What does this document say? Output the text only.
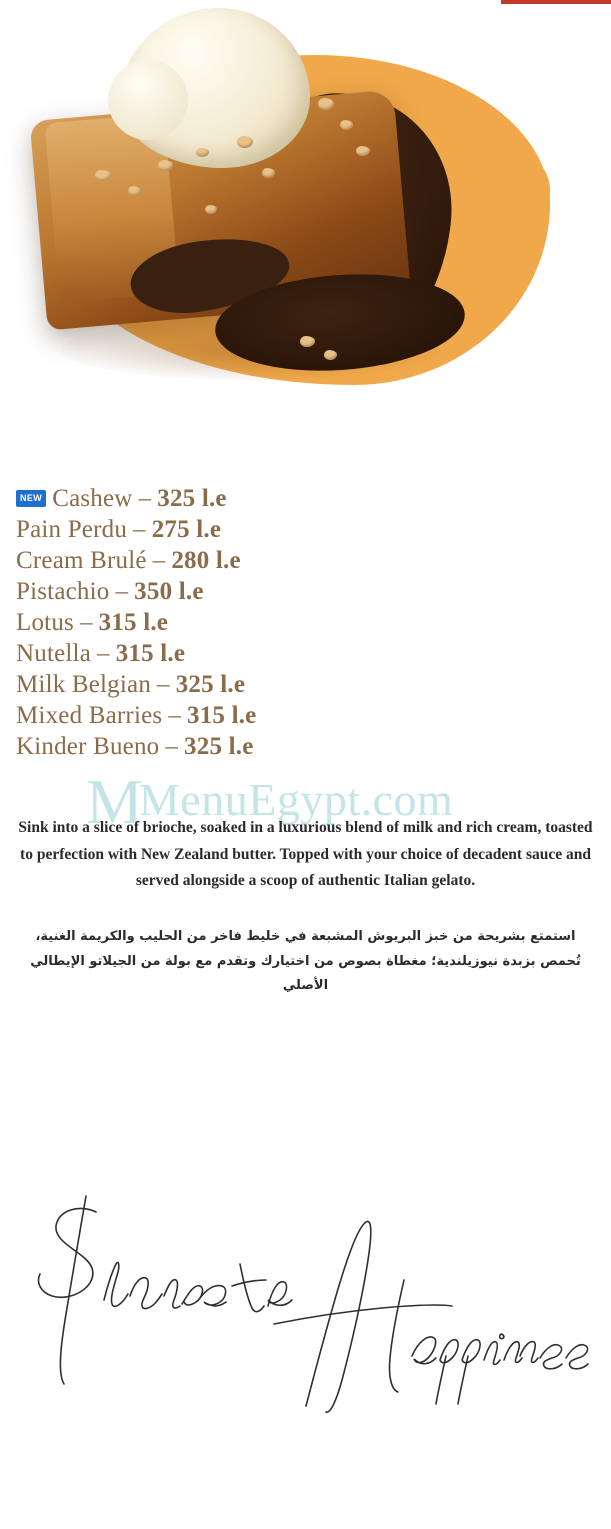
NEW Cashew – 325 l.e
Pain Perdu – 275 l.e
Cream Brulé – 280 l.e
Pistachio – 350 l.e
Lotus – 315 l.e
Nutella – 315 l.e
Milk Belgian – 325 l.e
Mixed Barries – 315 l.e
Kinder Bueno – 325 l.e
MMenuEgypt.com
Sink into a slice of brioche, soaked in a luxurious blend of milk and rich cream, toasted to perfection with New Zealand butter. Topped with your choice of decadent sauce and served alongside a scoop of authentic Italian gelato.
استمتع بشريحة من خبز البريوش المشبعة في خليط فاخر من الحليب والكريمة الغنية، تُحمص بزبدة نيوزيلندية؛ مغطاة بصوص من اختيارك وتقدم مع بولة من الجيلاتو الإيطالي الأصلي
